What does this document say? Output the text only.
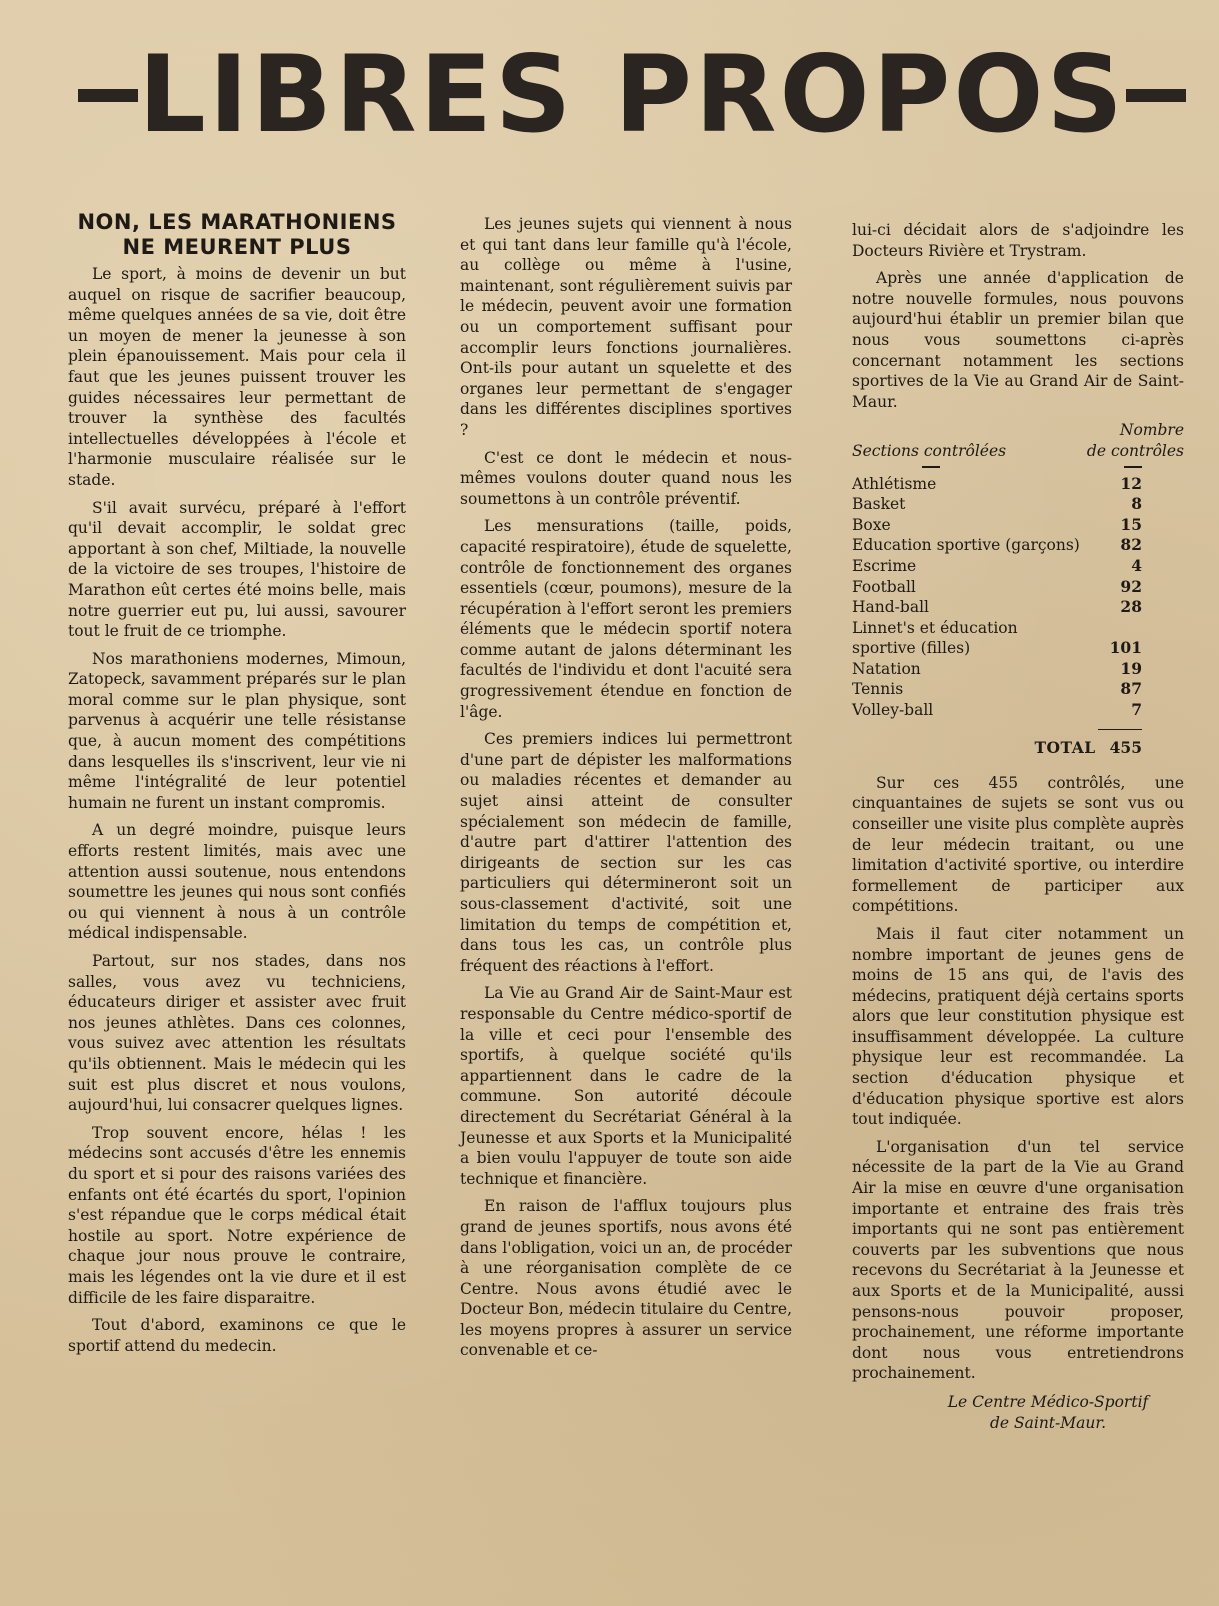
LIBRES PROPOS
NON, LES MARATHONIENS
NE MEURENT PLUS

Le sport, à moins de devenir un but auquel on risque de sacrifier beaucoup, même quelques années de sa vie, doit être un moyen de mener la jeunesse à son plein épanouissement. Mais pour cela il faut que les jeunes puissent trouver les guides nécessaires leur permettant de trouver la synthèse des facultés intellectuelles développées à l'école et l'harmonie musculaire réalisée sur le stade.

S'il avait survécu, préparé à l'effort qu'il devait accomplir, le soldat grec apportant à son chef, Miltiade, la nouvelle de la victoire de ses troupes, l'histoire de Marathon eût certes été moins belle, mais notre guerrier eut pu, lui aussi, savourer tout le fruit de ce triomphe.

Nos marathoniens modernes, Mimoun, Zatopeck, savamment préparés sur le plan moral comme sur le plan physique, sont parvenus à acquérir une telle résistanse que, à aucun moment des compétitions dans lesquelles ils s'inscrivent, leur vie ni même l'intégralité de leur potentiel humain ne furent un instant compromis.

A un degré moindre, puisque leurs efforts restent limités, mais avec une attention aussi soutenue, nous entendons soumettre les jeunes qui nous sont confiés ou qui viennent à nous à un contrôle médical indispensable.

Partout, sur nos stades, dans nos salles, vous avez vu techniciens, éducateurs diriger et assister avec fruit nos jeunes athlètes. Dans ces colonnes, vous suivez avec attention les résultats qu'ils obtiennent. Mais le médecin qui les suit est plus discret et nous voulons, aujourd'hui, lui consacrer quelques lignes.

Trop souvent encore, hélas ! les médecins sont accusés d'être les ennemis du sport et si pour des raisons variées des enfants ont été écartés du sport, l'opinion s'est répandue que le corps médical était hostile au sport. Notre expérience de chaque jour nous prouve le contraire, mais les légendes ont la vie dure et il est difficile de les faire disparaitre.

Tout d'abord, examinons ce que le sportif attend du medecin.

Les jeunes sujets qui viennent à nous et qui tant dans leur famille qu'à l'école, au collège ou même à l'usine, maintenant, sont régulièrement suivis par le médecin, peuvent avoir une formation ou un comportement suffisant pour accomplir leurs fonctions journalières. Ont-ils pour autant un squelette et des organes leur permettant de s'engager dans les différentes disciplines sportives ?

C'est ce dont le médecin et nous-mêmes voulons douter quand nous les soumettons à un contrôle préventif.

Les mensurations (taille, poids, capacité respiratoire), étude de squelette, contrôle de fonctionnement des organes essentiels (cœur, poumons), mesure de la récupération à l'effort seront les premiers éléments que le médecin sportif notera comme autant de jalons déterminant les facultés de l'individu et dont l'acuité sera grogressivement étendue en fonction de l'âge.

Ces premiers indices lui permettront d'une part de dépister les malformations ou maladies récentes et demander au sujet ainsi atteint de consulter spécialement son médecin de famille, d'autre part d'attirer l'attention des dirigeants de section sur les cas particuliers qui détermineront soit un sous-classement d'activité, soit une limitation du temps de compétition et, dans tous les cas, un contrôle plus fréquent des réactions à l'effort.

La Vie au Grand Air de Saint-Maur est responsable du Centre médico-sportif de la ville et ceci pour l'ensemble des sportifs, à quelque société qu'ils appartiennent dans le cadre de la commune. Son autorité découle directement du Secrétariat Général à la Jeunesse et aux Sports et la Municipalité a bien voulu l'appuyer de toute son aide technique et financière.

En raison de l'afflux toujours plus grand de jeunes sportifs, nous avons été dans l'obligation, voici un an, de procéder à une réorganisation complète de ce Centre. Nous avons étudié avec le Docteur Bon, médecin titulaire du Centre, les moyens propres à assurer un service convenable et ce-

lui-ci décidait alors de s'adjoindre les Docteurs Rivière et Trystram.

Après une année d'application de notre nouvelle formules, nous pouvons aujourd'hui établir un premier bilan que nous vous soumettons ci-après concernant notamment les sections sportives de la Vie au Grand Air de Saint-Maur.

Sections contrôlées
Nombre
de contrôles
Athlétisme	12
Basket	8
Boxe	15
Education sportive (garçons)	82
Escrime	4
Football	92
Hand-ball	28
Linnet's et éducation sportive (filles)	101
Natation	19
Tennis	87
Volley-ball	7
TOTAL 455

Sur ces 455 contrôlés, une cinquantaines de sujets se sont vus ou conseiller une visite plus complète auprès de leur médecin traitant, ou une limitation d'activité sportive, ou interdire formellement de participer aux compétitions.

Mais il faut citer notamment un nombre important de jeunes gens de moins de 15 ans qui, de l'avis des médecins, pratiquent déjà certains sports alors que leur constitution physique est insuffisamment développée. La culture physique leur est recommandée. La section d'éducation physique et d'éducation physique sportive est alors tout indiquée.

L'organisation d'un tel service nécessite de la part de la Vie au Grand Air la mise en œuvre d'une organisation importante et entraine des frais très importants qui ne sont pas entièrement couverts par les subventions que nous recevons du Secrétariat à la Jeunesse et aux Sports et de la Municipalité, aussi pensons-nous pouvoir proposer, prochainement, une réforme importante dont nous vous entretiendrons prochainement.

Le Centre Médico-Sportif
de Saint-Maur.
